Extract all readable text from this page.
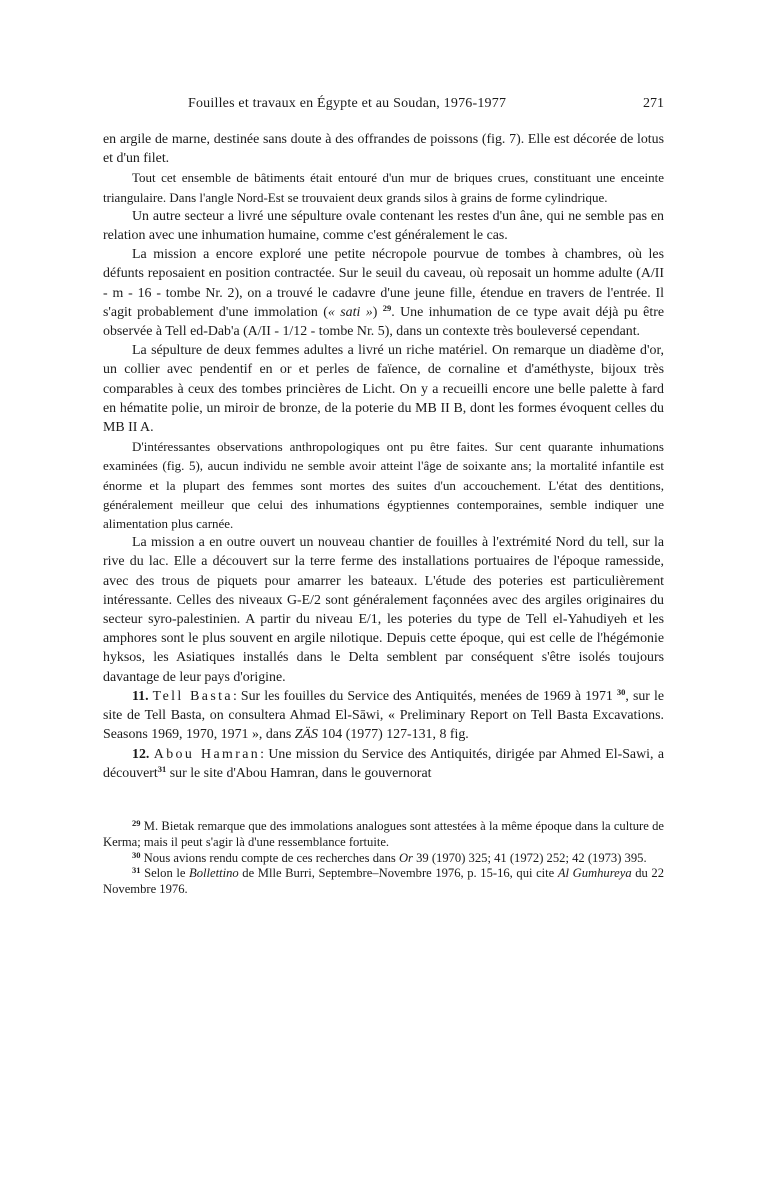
Fouilles et travaux en Égypte et au Soudan, 1976-1977	271

en argile de marne, destinée sans doute à des offrandes de poissons (fig. 7). Elle est décorée de lotus et d'un filet.

Tout cet ensemble de bâtiments était entouré d'un mur de briques crues, constituant une enceinte triangulaire. Dans l'angle Nord-Est se trouvaient deux grands silos à grains de forme cylindrique.

Un autre secteur a livré une sépulture ovale contenant les restes d'un âne, qui ne semble pas en relation avec une inhumation humaine, comme c'est généralement le cas.

La mission a encore exploré une petite nécropole pourvue de tombes à chambres, où les défunts reposaient en position contractée. Sur le seuil du caveau, où reposait un homme adulte (A/II - m - 16 - tombe Nr. 2), on a trouvé le cadavre d'une jeune fille, étendue en travers de l'entrée. Il s'agit probablement d'une immolation (« sati ») $^{29}$. Une inhumation de ce type avait déjà pu être observée à Tell ed-Dab'a (A/II - 1/12 - tombe Nr. 5), dans un contexte très bouleversé cependant.

La sépulture de deux femmes adultes a livré un riche matériel. On remarque un diadème d'or, un collier avec pendentif en or et perles de faïence, de cornaline et d'améthyste, bijoux très comparables à ceux des tombes princières de Licht. On y a recueilli encore une belle palette à fard en hématite polie, un miroir de bronze, de la poterie du MB II B, dont les formes évoquent celles du MB II A.

D'intéressantes observations anthropologiques ont pu être faites. Sur cent quarante inhumations examinées (fig. 5), aucun individu ne semble avoir atteint l'âge de soixante ans; la mortalité infantile est énorme et la plupart des femmes sont mortes des suites d'un accouchement. L'état des dentitions, généralement meilleur que celui des inhumations égyptiennes contemporaines, semble indiquer une alimentation plus carnée.

La mission a en outre ouvert un nouveau chantier de fouilles à l'extrémité Nord du tell, sur la rive du lac. Elle a découvert sur la terre ferme des installations portuaires de l'époque ramesside, avec des trous de piquets pour amarrer les bateaux. L'étude des poteries est particulièrement intéressante. Celles des niveaux G-E/2 sont généralement façonnées avec des argiles originaires du secteur syro-palestinien. A partir du niveau E/1, les poteries du type de Tell el-Yahudiyeh et les amphores sont le plus souvent en argile nilotique. Depuis cette époque, qui est celle de l'hégémonie hyksos, les Asiatiques installés dans le Delta semblent par conséquent s'être isolés toujours davantage de leur pays d'origine.

11. Tell Basta: Sur les fouilles du Service des Antiquités, menées de 1969 à 1971 $^{30}$, sur le site de Tell Basta, on consultera Ahmad El-Sāwi, « Preliminary Report on Tell Basta Excavations. Seasons 1969, 1970, 1971 », dans ZÄS 104 (1977) 127-131, 8 fig.

12. Abou Hamran: Une mission du Service des Antiquités, dirigée par Ahmed El-Sawi, a découvert$^{31}$ sur le site d'Abou Hamran, dans le gouvernorat

$^{29}$ M. Bietak remarque que des immolations analogues sont attestées à la même époque dans la culture de Kerma; mais il peut s'agir là d'une ressemblance fortuite.

$^{30}$ Nous avions rendu compte de ces recherches dans Or 39 (1970) 325; 41 (1972) 252; 42 (1973) 395.

$^{31}$ Selon le Bollettino de Mlle Burri, Septembre–Novembre 1976, p. 15-16, qui cite Al Gumhureya du 22 Novembre 1976.
